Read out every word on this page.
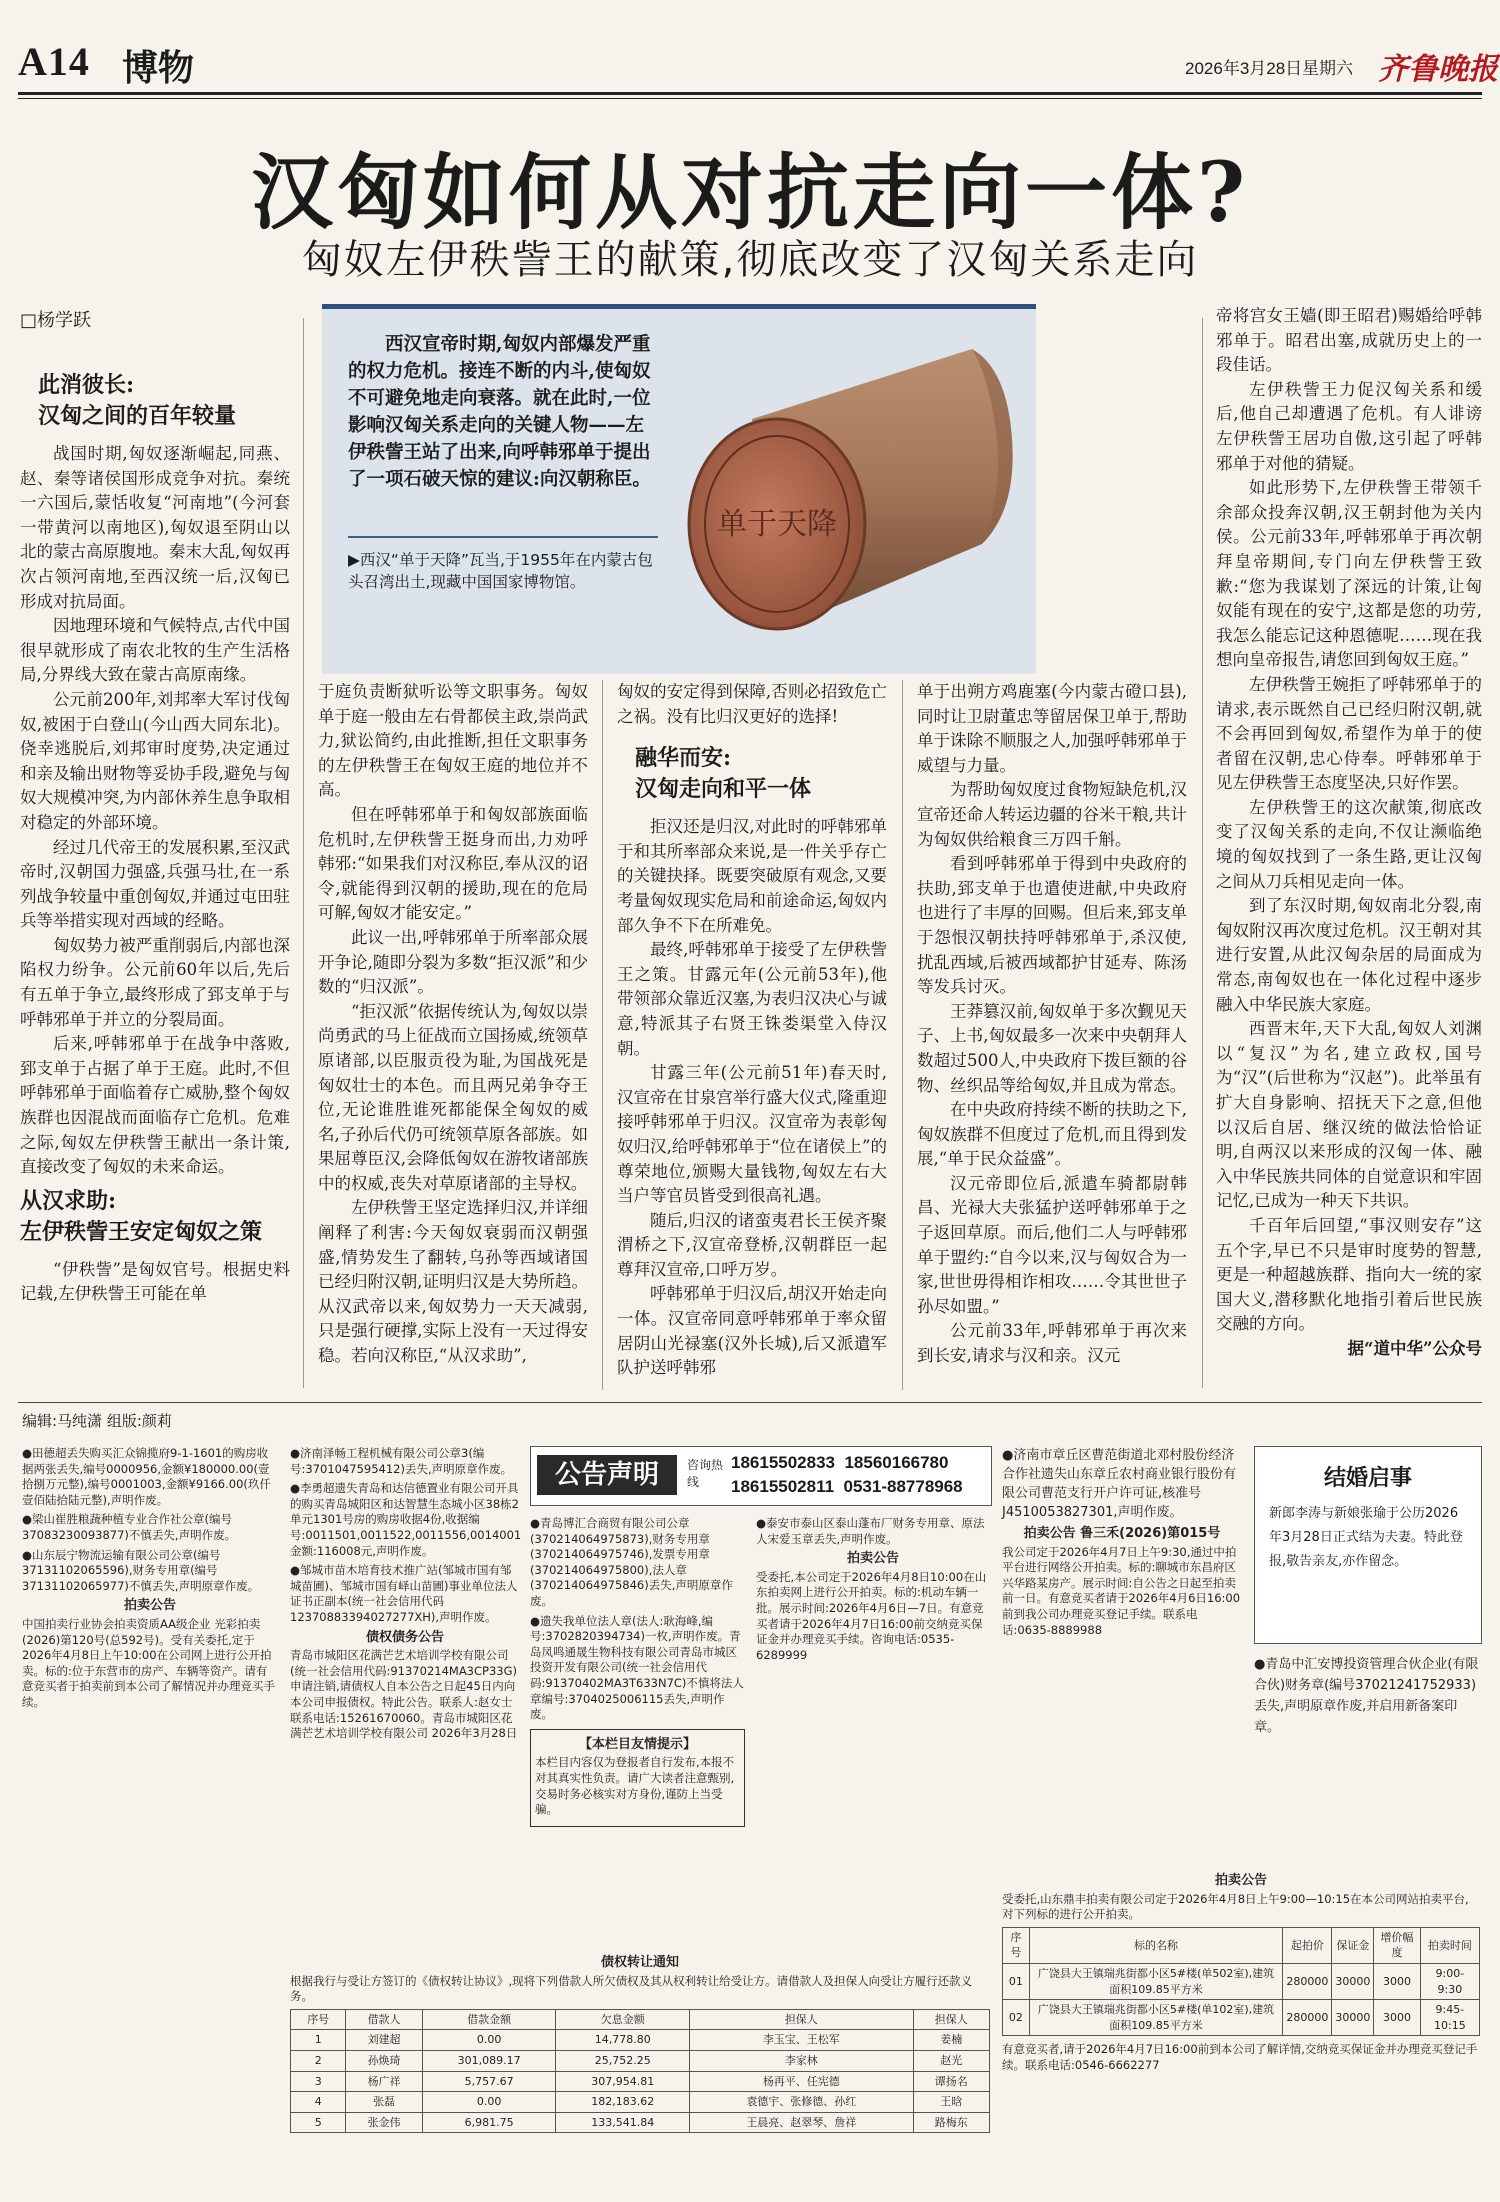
A14 博物	2026年3月28日 星期六 齐鲁晚报
汉匈如何从对抗走向一体?
匈奴左伊秩訾王的献策,彻底改变了汉匈关系走向
□杨学跃
西汉宣帝时期,匈奴内部爆发严重的权力危机。接连不断的内斗,使匈奴不可避免地走向衰落。就在此时,一位影响汉匈关系走向的关键人物——左伊秩訾王站了出来,向呼韩邪单于提出了一项石破天惊的建议:向汉朝称臣。
▶西汉“单于天降”瓦当,于1955年在内蒙古包头召湾出土,现藏中国国家博物馆。
单于天降
此消彼长:
汉匈之间的百年较量

战国时期,匈奴逐渐崛起,同燕、赵、秦等诸侯国形成竞争对抗。秦统一六国后,蒙恬收复“河南地”(今河套一带黄河以南地区),匈奴退至阴山以北的蒙古高原腹地。秦末大乱,匈奴再次占领河南地,至西汉统一后,汉匈已形成对抗局面。

因地理环境和气候特点,古代中国很早就形成了南农北牧的生产生活格局,分界线大致在蒙古高原南缘。

公元前200年,刘邦率大军讨伐匈奴,被困于白登山(今山西大同东北)。侥幸逃脱后,刘邦审时度势,决定通过和亲及输出财物等妥协手段,避免与匈奴大规模冲突,为内部休养生息争取相对稳定的外部环境。

经过几代帝王的发展积累,至汉武帝时,汉朝国力强盛,兵强马壮,在一系列战争较量中重创匈奴,并通过屯田驻兵等举措实现对西域的经略。

匈奴势力被严重削弱后,内部也深陷权力纷争。公元前60年以后,先后有五单于争立,最终形成了郅支单于与呼韩邪单于并立的分裂局面。

后来,呼韩邪单于在战争中落败,郅支单于占据了单于王庭。此时,不但呼韩邪单于面临着存亡威胁,整个匈奴族群也因混战而面临存亡危机。危难之际,匈奴左伊秩訾王献出一条计策,直接改变了匈奴的未来命运。

从汉求助:
左伊秩訾王安定匈奴之策

“伊秩訾”是匈奴官号。根据史料记载,左伊秩訾王可能在单

于庭负责断狱听讼等文职事务。匈奴单于庭一般由左右骨都侯主政,崇尚武力,狱讼简约,由此推断,担任文职事务的左伊秩訾王在匈奴王庭的地位并不高。

但在呼韩邪单于和匈奴部族面临危机时,左伊秩訾王挺身而出,力劝呼韩邪:“如果我们对汉称臣,奉从汉的诏令,就能得到汉朝的援助,现在的危局可解,匈奴才能安定。”

此议一出,呼韩邪单于所率部众展开争论,随即分裂为多数“拒汉派”和少数的“归汉派”。

“拒汉派”依据传统认为,匈奴以崇尚勇武的马上征战而立国扬威,统领草原诸部,以臣服贡役为耻,为国战死是匈奴壮士的本色。而且两兄弟争夺王位,无论谁胜谁死都能保全匈奴的威名,子孙后代仍可统领草原各部族。如果屈尊臣汉,会降低匈奴在游牧诸部族中的权威,丧失对草原诸部的主导权。

左伊秩訾王坚定选择归汉,并详细阐释了利害:今天匈奴衰弱而汉朝强盛,情势发生了翻转,乌孙等西域诸国已经归附汉朝,证明归汉是大势所趋。从汉武帝以来,匈奴势力一天天减弱,只是强行硬撑,实际上没有一天过得安稳。若向汉称臣,“从汉求助”,

匈奴的安定得到保障,否则必招致危亡之祸。没有比归汉更好的选择!

融华而安:
汉匈走向和平一体

拒汉还是归汉,对此时的呼韩邪单于和其所率部众来说,是一件关乎存亡的关键抉择。既要突破原有观念,又要考量匈奴现实危局和前途命运,匈奴内部久争不下在所难免。

最终,呼韩邪单于接受了左伊秩訾王之策。甘露元年(公元前53年),他带领部众靠近汉塞,为表归汉决心与诚意,特派其子右贤王铢娄渠堂入侍汉朝。

甘露三年(公元前51年)春天时,汉宣帝在甘泉宫举行盛大仪式,隆重迎接呼韩邪单于归汉。汉宣帝为表彰匈奴归汉,给呼韩邪单于“位在诸侯上”的尊荣地位,颁赐大量钱物,匈奴左右大当户等官员皆受到很高礼遇。

随后,归汉的诸蛮夷君长王侯齐聚渭桥之下,汉宣帝登桥,汉朝群臣一起尊拜汉宣帝,口呼万岁。

呼韩邪单于归汉后,胡汉开始走向一体。汉宣帝同意呼韩邪单于率众留居阴山光禄塞(汉外长城),后又派遣军队护送呼韩邪

单于出朔方鸡鹿塞(今内蒙古磴口县),同时让卫尉董忠等留居保卫单于,帮助单于诛除不顺服之人,加强呼韩邪单于威望与力量。

为帮助匈奴度过食物短缺危机,汉宣帝还命人转运边疆的谷米干粮,共计为匈奴供给粮食三万四千斛。

看到呼韩邪单于得到中央政府的扶助,郅支单于也遣使进献,中央政府也进行了丰厚的回赐。但后来,郅支单于怨恨汉朝扶持呼韩邪单于,杀汉使,扰乱西域,后被西域都护甘延寿、陈汤等发兵讨灭。

王莽篡汉前,匈奴单于多次觐见天子、上书,匈奴最多一次来中央朝拜人数超过500人,中央政府下拨巨额的谷物、丝织品等给匈奴,并且成为常态。

在中央政府持续不断的扶助之下,匈奴族群不但度过了危机,而且得到发展,“单于民众益盛”。

汉元帝即位后,派遣车骑都尉韩昌、光禄大夫张猛护送呼韩邪单于之子返回草原。而后,他们二人与呼韩邪单于盟约:“自今以来,汉与匈奴合为一家,世世毋得相诈相攻……令其世世子孙尽如盟。”

公元前33年,呼韩邪单于再次来到长安,请求与汉和亲。汉元

帝将宫女王嫱(即王昭君)赐婚给呼韩邪单于。昭君出塞,成就历史上的一段佳话。

左伊秩訾王力促汉匈关系和缓后,他自己却遭遇了危机。有人诽谤左伊秩訾王居功自傲,这引起了呼韩邪单于对他的猜疑。

如此形势下,左伊秩訾王带领千余部众投奔汉朝,汉王朝封他为关内侯。公元前33年,呼韩邪单于再次朝拜皇帝期间,专门向左伊秩訾王致歉:“您为我谋划了深远的计策,让匈奴能有现在的安宁,这都是您的功劳,我怎么能忘记这种恩德呢……现在我想向皇帝报告,请您回到匈奴王庭。”

左伊秩訾王婉拒了呼韩邪单于的请求,表示既然自己已经归附汉朝,就不会再回到匈奴,希望作为单于的使者留在汉朝,忠心侍奉。呼韩邪单于见左伊秩訾王态度坚决,只好作罢。

左伊秩訾王的这次献策,彻底改变了汉匈关系的走向,不仅让濒临绝境的匈奴找到了一条生路,更让汉匈之间从刀兵相见走向一体。

到了东汉时期,匈奴南北分裂,南匈奴附汉再次度过危机。汉王朝对其进行安置,从此汉匈杂居的局面成为常态,南匈奴也在一体化过程中逐步融入中华民族大家庭。

西晋末年,天下大乱,匈奴人刘渊以“复汉”为名,建立政权,国号为“汉”(后世称为“汉赵”)。此举虽有扩大自身影响、招抚天下之意,但他以汉后自居、继汉统的做法恰恰证明,自两汉以来形成的汉匈一体、融入中华民族共同体的自觉意识和牢固记忆,已成为一种天下共识。

千百年后回望,“事汉则安存”这五个字,早已不只是审时度势的智慧,更是一种超越族群、指向大一统的家国大义,潜移默化地指引着后世民族交融的方向。

据“道中华”公众号

编辑:马纯潇 组版:颜莉

●田德超丢失购买汇众锦揽府9-1-1601的购房收据两张丢失,编号0000956,金额¥180000.00(壹拾捌万元整),编号0001003,金额¥9166.00(玖仟壹佰陆拾陆元整),声明作废。

●梁山崔胜粮蔬种植专业合作社公章(编号37083230093877)不慎丢失,声明作废。

●山东辰宁物流运输有限公司公章(编号37131102065596),财务专用章(编号37131102065977)不慎丢失,声明原章作废。

拍卖公告

中国拍卖行业协会拍卖资质AA级企业 光彩拍卖(2026)第120号(总592号)。受有关委托,定于2026年4月8日上午10:00在公司网上进行公开拍卖。标的:位于东营市的房产、车辆等资产。请有意竞买者于拍卖前到本公司了解情况并办理竞买手续。

●济南泽畅工程机械有限公司公章3(编号:3701047595412)丢失,声明原章作废。

●李勇超遗失青岛和达信德置业有限公司开具的购买青岛城阳区和达智慧生态城小区38栋2单元1301号房的购房收据4份,收据编号:0011501,0011522,0011556,0014001金额:116008元,声明作废。

●邹城市苗木培育技术推广站(邹城市国有邹城苗圃)、邹城市国有峄山苗圃)事业单位法人证书正副本(统一社会信用代码12370883394027277XH),声明作废。

债权债务公告

青岛市城阳区花满芒艺术培训学校有限公司(统一社会信用代码:91370214MA3CP33G)申请注销,请债权人自本公告之日起45日内向本公司申报债权。特此公告。联系人:赵女士 联系电话:15261670060。青岛市城阳区花满芒艺术培训学校有限公司 2026年3月28日

公告声明	咨询热线
18615502833 18560166780
18615502811 0531-88778968

●青岛博汇合商贸有限公司公章(370214064975873),财务专用章(370214064975746),发票专用章(370214064975800),法人章(370214064975846)丢失,声明原章作废。

●遗失我单位法人章(法人:耿海峰,编号:3702820394734)一枚,声明作废。青岛凤鸣通晟生物科技有限公司青岛市城区投资开发有限公司(统一社会信用代码:91370402MA3T633N7C)不慎将法人章编号:3704025006115丢失,声明作废。

【本栏目友情提示】

本栏目内容仅为登报者自行发布,本报不对其真实性负责。请广大读者注意甄别,交易时务必核实对方身份,谨防上当受骗。

●泰安市泰山区泰山蓬布厂财务专用章、原法人宋爱玉章丢失,声明作废。

拍卖公告

受委托,本公司定于2026年4月8日10:00在山东拍卖网上进行公开拍卖。标的:机动车辆一批。展示时间:2026年4月6日—7日。有意竞买者请于2026年4月7日16:00前交纳竞买保证金并办理竞买手续。咨询电话:0535-6289999

●济南市章丘区曹范街道北邓村股份经济合作社遗失山东章丘农村商业银行股份有限公司曹范支行开户许可证,核准号J4510053827301,声明作废。

拍卖公告 鲁三禾(2026)第015号

我公司定于2026年4月7日上午9:30,通过中拍平台进行网络公开拍卖。标的:聊城市东昌府区兴华路某房产。展示时间:自公告之日起至拍卖前一日。有意竞买者请于2026年4月6日16:00前到我公司办理竞买登记手续。联系电话:0635-8889988

结婚启事
新郎李涛与新娘张瑜于公历2026年3月28日正式结为夫妻。特此登报,敬告亲友,亦作留念。

●青岛中汇安博投资管理合伙企业(有限合伙)财务章(编号37021241752933)丢失,声明原章作废,并启用新备案印章。

债权转让通知

根据我行与受让方签订的《债权转让协议》,现将下列借款人所欠债权及其从权利转让给受让方。请借款人及担保人向受让方履行还款义务。

序号	借款人	借款金额	欠息金额	担保人	担保人
1	刘建超	0.00	14,778.80	李玉宝、王松军	姜楠
2	孙焕琦	301,089.17	25,752.25	李家林	赵光
3	杨广祥	5,757.67	307,954.81	杨再平、任宪德	谭扬名
4	张磊	0.00	182,183.62	袁德宇、张修德、孙红	王晗
5	张金伟	6,981.75	133,541.84	王晨亮、赵翠琴、詹祥	路梅东
拍卖公告

受委托,山东鼎丰拍卖有限公司定于2026年4月8日上午9:00—10:15在本公司网站拍卖平台,对下列标的进行公开拍卖。

序号	标的名称	起拍价	保证金	增价幅度	拍卖时间
01	广饶县大王镇瑞兆街都小区5#楼(单502室),建筑面积109.85平方米	280000	30000	3000	9:00-9:30
02	广饶县大王镇瑞兆街都小区5#楼(单102室),建筑面积109.85平方米	280000	30000	3000	9:45-10:15

有意竞买者,请于2026年4月7日16:00前到本公司了解详情,交纳竞买保证金并办理竞买登记手续。联系电话:0546-6662277
